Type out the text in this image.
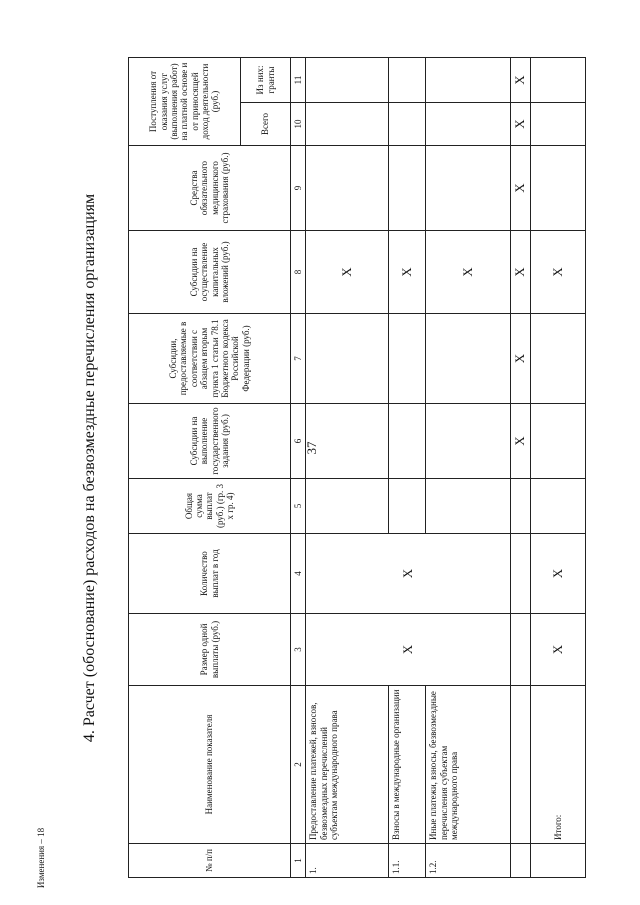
37
Изменения – 18
4. Расчет (обоснование) расходов на безвозмездные перечисления организациям
№ п/п	Наименование показателя	Размер одной выплаты (руб.)	Количество выплат в год	Общая сумма выплат (руб.) (гр. 3 х гр. 4)	Субсидии на выполнение государственного задания (руб.)	Субсидии, предоставляемые в соответствии с абзацем вторым пункта 1 статьи 78.1 Бюджетного кодекса Российской Федерации (руб.)	Субсидии на осуществление капитальных вложений (руб.)	Средства обязательного медицинского страхования (руб.)	Поступления от оказания услуг (выполнения работ) на платной основе и от приносящей доход деятельности (руб.)	
									Всего	Из них: гранты
1	2	3	4	5	6	7	8	9	10	11
1.	Предоставление платежей, взносов, безвозмездных перечислений субъектам международного права	X	X				X			
1.1.	Взносы в международные организации						X			
1.2.	Иные платежи, взносы, безвозмездные перечисления субъектам международного права						X			
					X	X	X	X	X	X
	Итого:	X	X				X			
